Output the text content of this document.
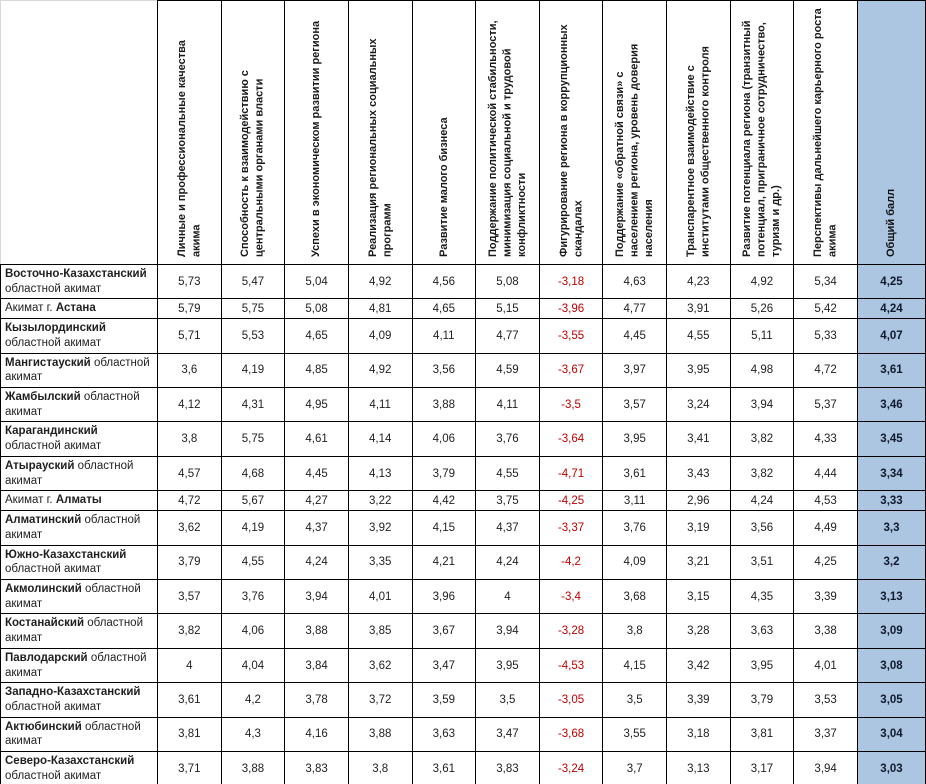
	Личные и профессиональные качества акима	Способность к взаимодействию с центральными органами власти	Успехи в экономическом развитии региона	Реализация региональных социальных программ	Развитие малого бизнеса	Поддержание политической стабильности, минимизация социальной и трудовой конфликтности	Фигурирование региона в коррупционных скандалах	Поддержание «обратной связи» с населением региона, уровень доверия населения	Транспарентное взаимодействие с институтами общественного контроля	Развитие потенциала региона (транзитный потенциал, приграничное сотрудничество, туризм и др.)	Перспективы дальнейшего карьерного роста акима	Общий балл

Восточно-Казахстанский областной акимат	5,73	5,47	5,04	4,92	4,56	5,08	-3,18	4,63	4,23	4,92	5,34	4,25
Акимат г. Астана	5,79	5,75	5,08	4,81	4,65	5,15	-3,96	4,77	3,91	5,26	5,42	4,24
Кызылординский областной акимат	5,71	5,53	4,65	4,09	4,11	4,77	-3,55	4,45	4,55	5,11	5,33	4,07
Мангистауский областной акимат	3,6	4,19	4,85	4,92	3,56	4,59	-3,67	3,97	3,95	4,98	4,72	3,61
Жамбылский областной акимат	4,12	4,31	4,95	4,11	3,88	4,11	-3,5	3,57	3,24	3,94	5,37	3,46
Карагандинский областной акимат	3,8	5,75	4,61	4,14	4,06	3,76	-3,64	3,95	3,41	3,82	4,33	3,45
Атырауский областной акимат	4,57	4,68	4,45	4,13	3,79	4,55	-4,71	3,61	3,43	3,82	4,44	3,34
Акимат г. Алматы	4,72	5,67	4,27	3,22	4,42	3,75	-4,25	3,11	2,96	4,24	4,53	3,33
Алматинский областной акимат	3,62	4,19	4,37	3,92	4,15	4,37	-3,37	3,76	3,19	3,56	4,49	3,3
Южно-Казахстанский областной акимат	3,79	4,55	4,24	3,35	4,21	4,24	-4,2	4,09	3,21	3,51	4,25	3,2
Акмолинский областной акимат	3,57	3,76	3,94	4,01	3,96	4	-3,4	3,68	3,15	4,35	3,39	3,13
Костанайский областной акимат	3,82	4,06	3,88	3,85	3,67	3,94	-3,28	3,8	3,28	3,63	3,38	3,09
Павлодарский областной акимат	4	4,04	3,84	3,62	3,47	3,95	-4,53	4,15	3,42	3,95	4,01	3,08
Западно-Казахстанский областной акимат	3,61	4,2	3,78	3,72	3,59	3,5	-3,05	3,5	3,39	3,79	3,53	3,05
Актюбинский областной акимат	3,81	4,3	4,16	3,88	3,63	3,47	-3,68	3,55	3,18	3,81	3,37	3,04
Северо-Казахстанский областной акимат	3,71	3,88	3,83	3,8	3,61	3,83	-3,24	3,7	3,13	3,17	3,94	3,03
